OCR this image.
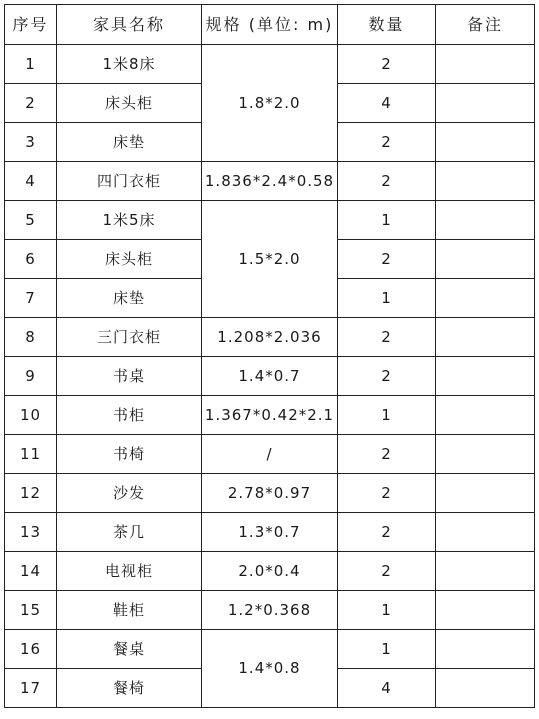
序号	家具名称	规格 (单位: m)	数量	备注
1	1米8床	1.8*2.0	2	
2	床头柜		4	
3	床垫		2	
4	四门衣柜	1.836*2.4*0.58	2	
5	1米5床	1.5*2.0	1	
6	床头柜		2	
7	床垫		1	
8	三门衣柜	1.208*2.036	2	
9	书桌	1.4*0.7	2	
10	书柜	1.367*0.42*2.1	1	
11	书椅	/	2	
12	沙发	2.78*0.97	2	
13	茶几	1.3*0.7	2	
14	电视柜	2.0*0.4	2	
15	鞋柜	1.2*0.368	1	
16	餐桌	1.4*0.8	1	
17	餐椅		4	
